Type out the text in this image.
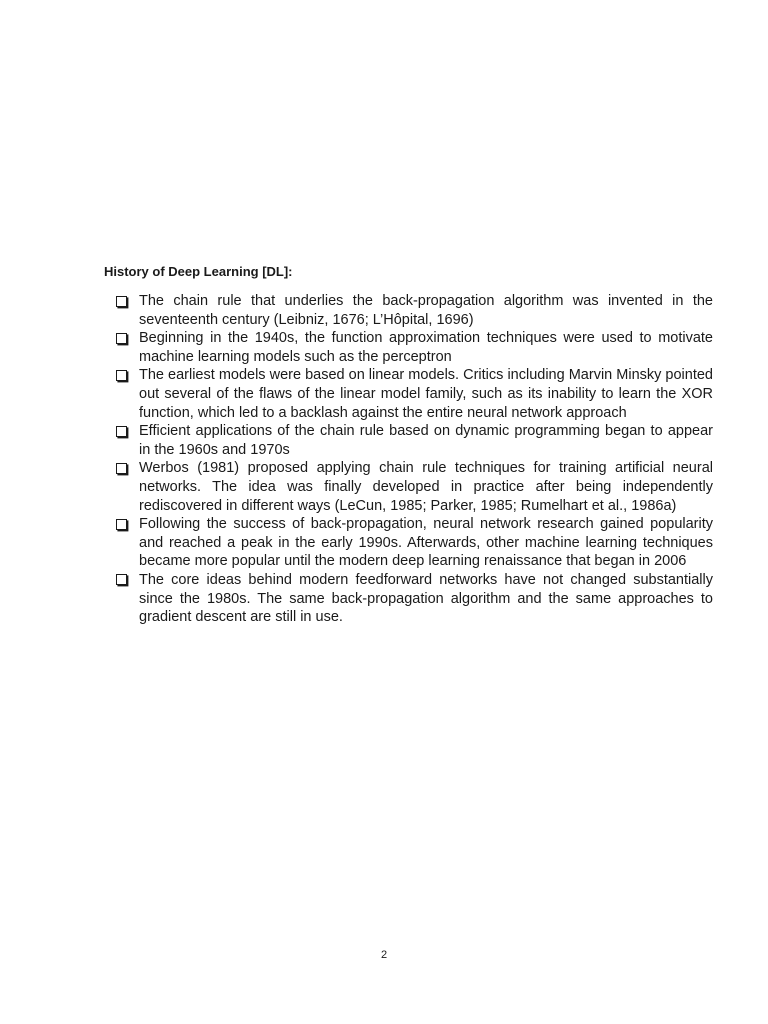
History of Deep Learning [DL]:
The chain rule that underlies the back-propagation algorithm was invented in the seventeenth century (Leibniz, 1676; L’Hôpital, 1696)
Beginning in the 1940s, the function approximation techniques were used to motivate machine learning models such as the perceptron
The earliest models were based on linear models. Critics including Marvin Minsky pointed out several of the flaws of the linear model family, such as its inability to learn the XOR function, which led to a backlash against the entire neural network approach
Efficient applications of the chain rule based on dynamic programming began to appear in the 1960s and 1970s
Werbos (1981) proposed applying chain rule techniques for training artificial neural networks. The idea was finally developed in practice after being independently rediscovered in different ways (LeCun, 1985; Parker, 1985; Rumelhart et al., 1986a)
Following the success of back-propagation, neural network research gained popularity and reached a peak in the early 1990s. Afterwards, other machine learning techniques became more popular until the modern deep learning renaissance that began in 2006
The core ideas behind modern feedforward networks have not changed substantially since the 1980s. The same back-propagation algorithm and the same approaches to gradient descent are still in use.
2
